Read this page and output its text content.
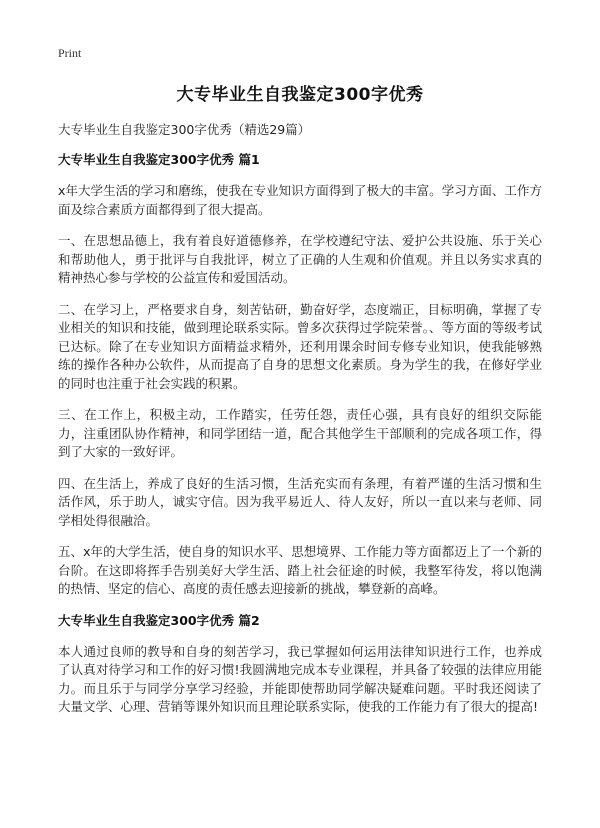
Print
大专毕业生自我鉴定300字优秀

大专毕业生自我鉴定300字优秀（精选29篇）

大专毕业生自我鉴定300字优秀 篇1

x年大学生活的学习和磨练，使我在专业知识方面得到了极大的丰富。学习方面、工作方面及综合素质方面都得到了很大提高。

一、在思想品德上，我有着良好道德修养，在学校遵纪守法、爱护公共设施、乐于关心和帮助他人，勇于批评与自我批评，树立了正确的人生观和价值观。并且以务实求真的精神热心参与学校的公益宣传和爱国活动。

二、在学习上，严格要求自身，刻苦钻研，勤奋好学，态度端正，目标明确，掌握了专业相关的知识和技能，做到理论联系实际。曾多次获得过学院荣誉。、等方面的等级考试已达标。除了在专业知识方面精益求精外，还利用课余时间专修专业知识，使我能够熟练的操作各种办公软件，从而提高了自身的思想文化素质。身为学生的我，在修好学业的同时也注重于社会实践的积累。

三、在工作上，积极主动，工作踏实，任劳任怨，责任心强，具有良好的组织交际能力，注重团队协作精神，和同学团结一道，配合其他学生干部顺利的完成各项工作，得到了大家的一致好评。

四、在生活上，养成了良好的生活习惯，生活充实而有条理，有着严谨的生活习惯和生活作风，乐于助人，诚实守信。因为我平易近人、待人友好，所以一直以来与老师、同学相处得很融洽。

五、x年的大学生活，使自身的知识水平、思想境界、工作能力等方面都迈上了一个新的台阶。在这即将挥手告别美好大学生活、踏上社会征途的时候，我整军待发，将以饱满的热情、坚定的信心、高度的责任感去迎接新的挑战，攀登新的高峰。

大专毕业生自我鉴定300字优秀 篇2

本人通过良师的教导和自身的刻苦学习，我已掌握如何运用法律知识进行工作，也养成了认真对待学习和工作的好习惯!我圆满地完成本专业课程，并具备了较强的法律应用能力。而且乐于与同学分享学习经验，并能即使帮助同学解决疑难问题。平时我还阅读了大量文学、心理、营销等课外知识而且理论联系实际，使我的工作能力有了很大的提高!
